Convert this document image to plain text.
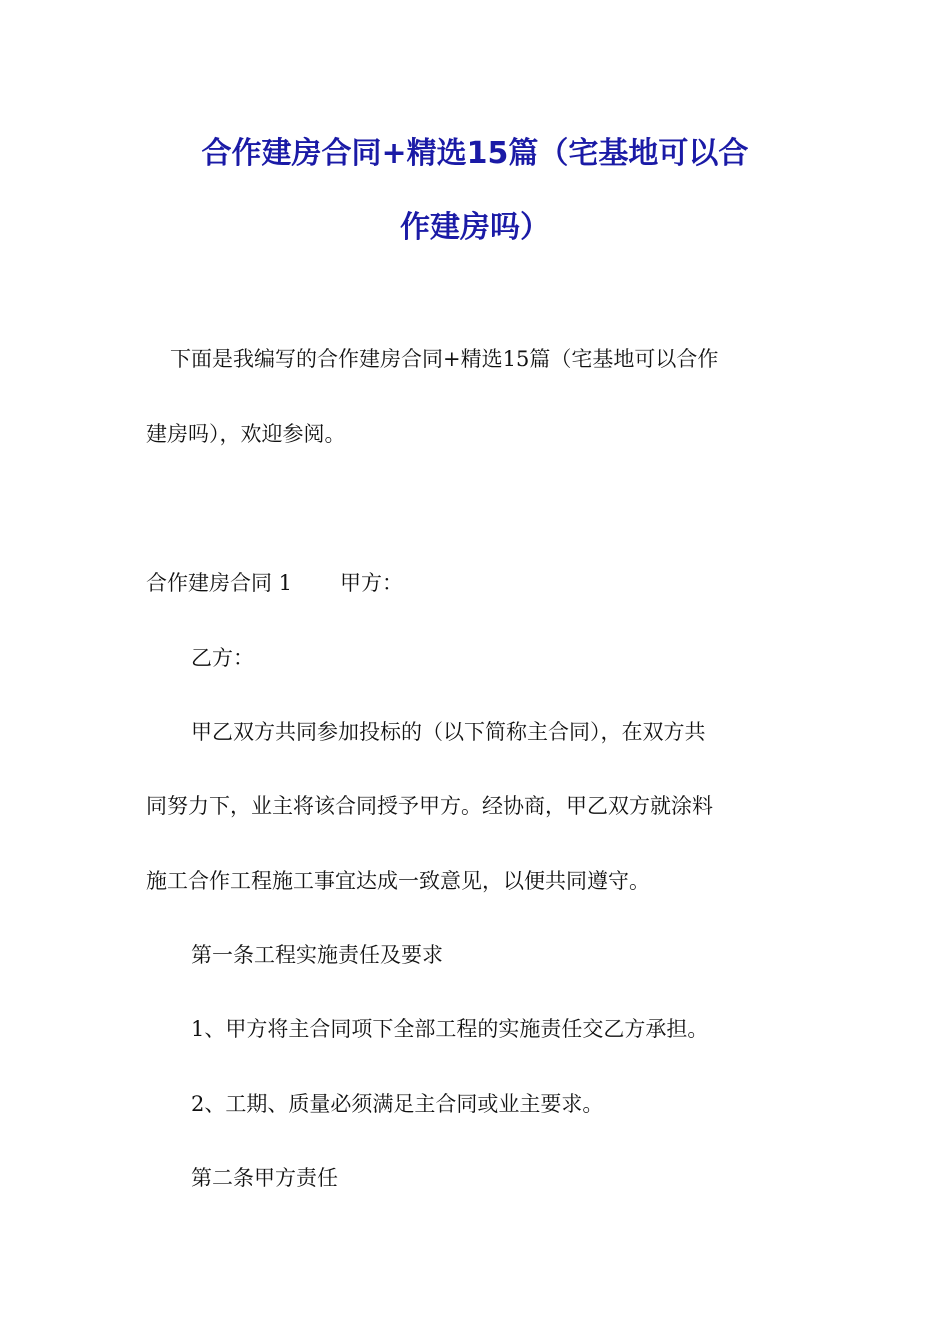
合作建房合同+精选15篇（宅基地可以合
作建房吗）
下面是我编写的合作建房合同+精选15篇（宅基地可以合作
建房吗），欢迎参阅。
合作建房合同 1 甲方：
乙方：
甲乙双方共同参加投标的（以下简称主合同），在双方共
同努力下，业主将该合同授予甲方。经协商，甲乙双方就涂料
施工合作工程施工事宜达成一致意见，以便共同遵守。
第一条工程实施责任及要求
1、甲方将主合同项下全部工程的实施责任交乙方承担。
2、工期、质量必须满足主合同或业主要求。
第二条甲方责任
